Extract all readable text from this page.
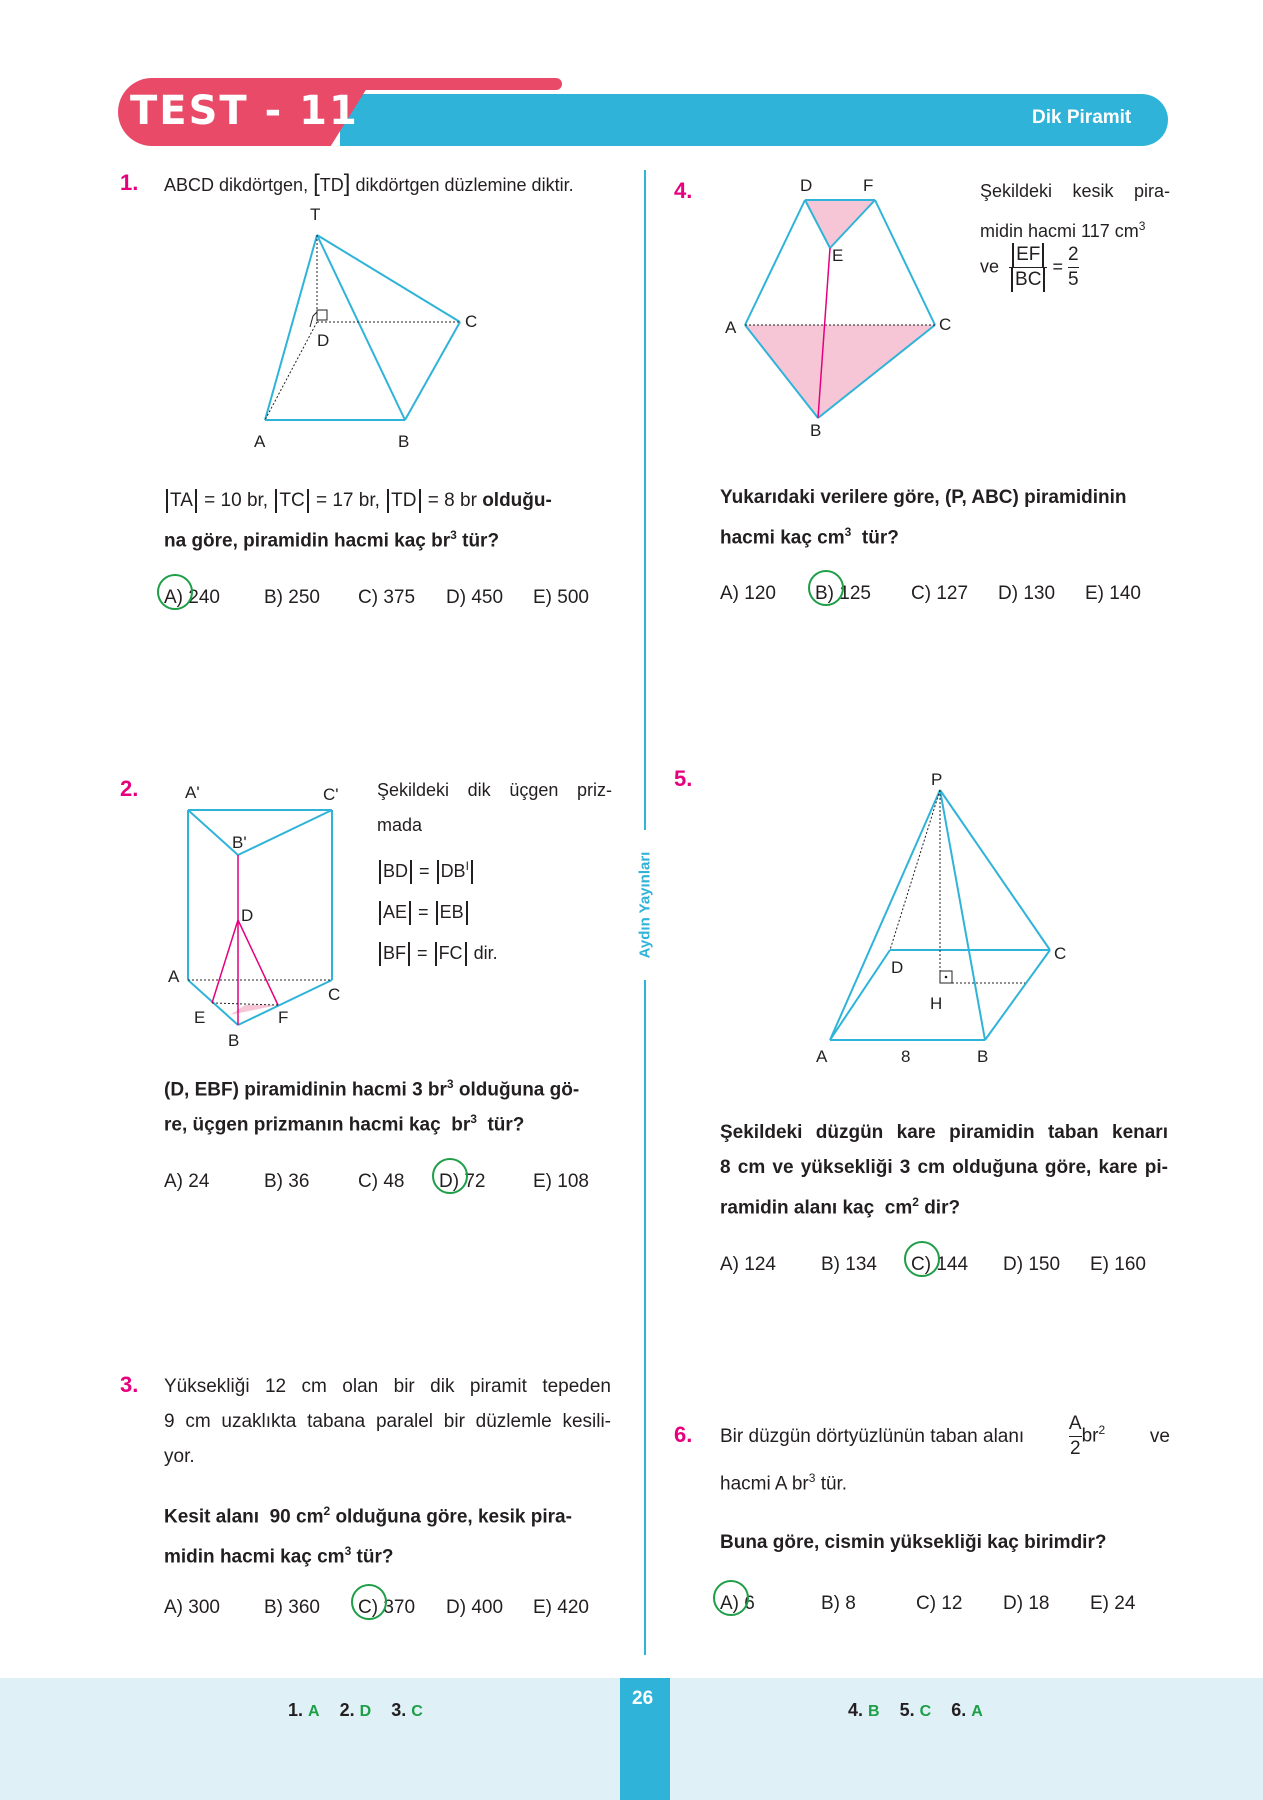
TEST - 11	Dik Piramit
Aydın Yayınları
1. ABCD dikdörtgen, [TD] dikdörtgen düzlemine diktir.
T
D
C
A	B
TA = 10 br, TC = 17 br, TD = 8 br olduğu-
na göre, piramidin hacmi kaç $br^3$ tür?
A) 240 B) 250 C) 375 D) 450 E) 500
2.	A'	C'
B'
D
A
C
E	F
B
Şekildeki dik üçgen priz-
mada
BD = $DB^I$
AE = EB
BF = FC dir.
(D, EBF) piramidinin hacmi 3 $br^3$ olduğuna gö-
re, üçgen prizmanın hacmi kaç $br^3$ tür?
A) 24	B) 36	C) 48 D) 72	E) 108
3. Yüksekliği 12 cm olan bir dik piramit tepeden
9 cm uzaklıkta tabana paralel bir düzlemle kesili-
yor.
Kesit alanı 90 $cm^2$ olduğuna göre, kesik pira-
midin hacmi kaç $cm^3$ tür?
A) 300 B) 360 C) 370 D) 400 E) 420
4.	D	F
E
A	C
B
Şekildeki kesik pira-
midin hacmi 117 $cm^3$
ve $\frac{EF}{BC} = \frac{2}{5}$
Yukarıdaki verilere göre, (P, ABC) piramidinin
hacmi kaç $cm^3$ tür?
A) 120 B) 125 C) 127 D) 130 E) 140
5.	P
D
C
H
A	8	B
Şekildeki düzgün kare piramidin taban kenarı
8 cm ve yüksekliği 3 cm olduğuna göre, kare pi-
ramidin alanı kaç $cm^2$ dir?
A) 124 B) 134 C) 144 D) 150 E) 160
6. Bir düzgün dörtyüzlünün taban alanı $\frac{A}{2} br^2$ ve
hacmi A $br^3$ tür.
Buna göre, cismin yüksekliği kaç birimdir?
A) 6	B) 8	C) 12 D) 18 E) 24
26
1. A 2. D 3. C	4. B 5. C 6. A
